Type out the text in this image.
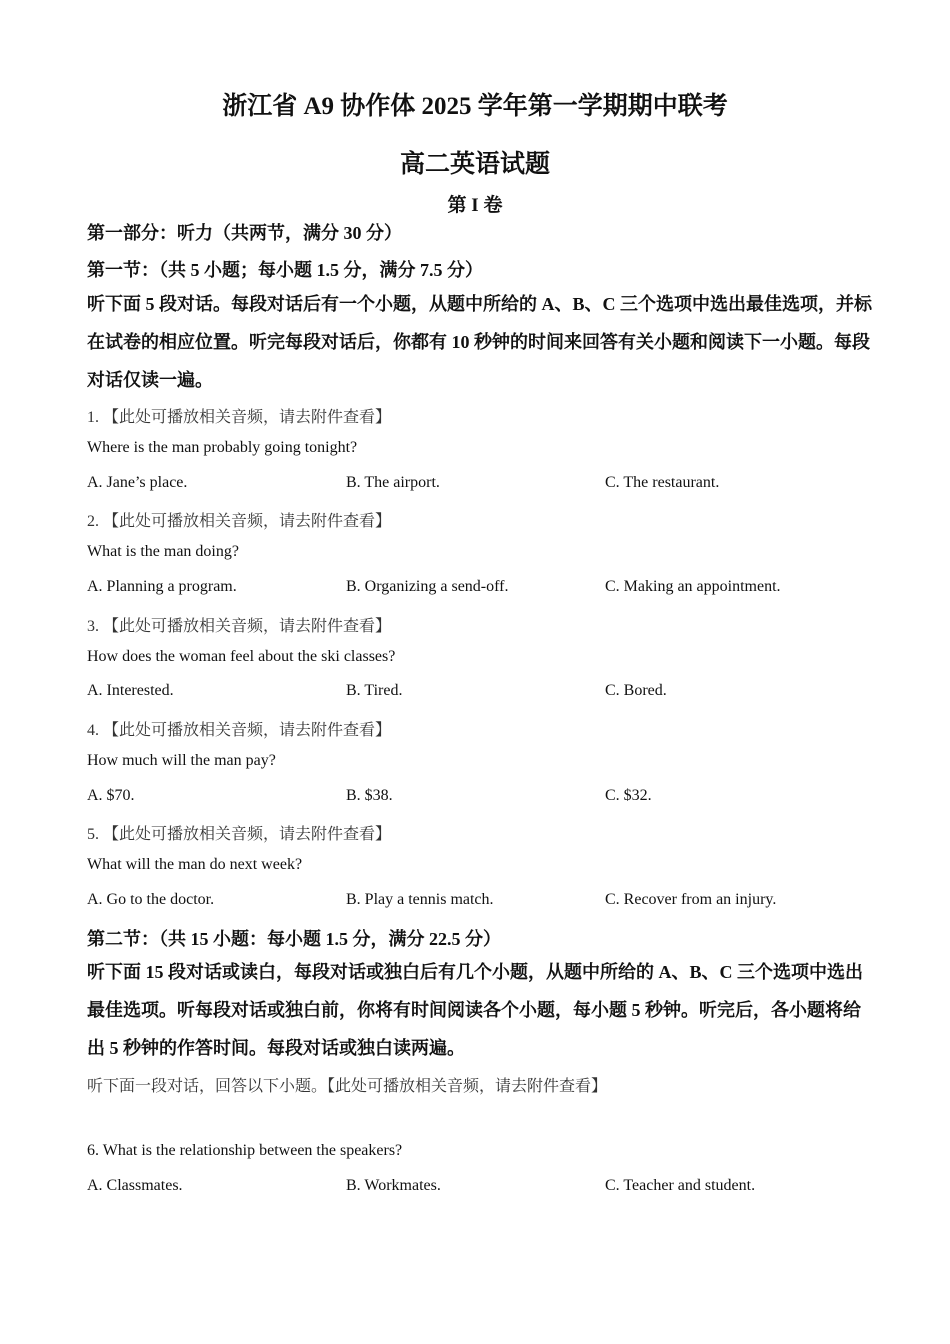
浙江省 A9 协作体 2025 学年第一学期期中联考
高二英语试题
第 I 卷
第一部分：听力（共两节，满分 30 分）
第一节：（共 5 小题；每小题 1.5 分，满分 7.5 分）
听下面 5 段对话。每段对话后有一个小题，从题中所给的 A、B、C 三个选项中选出最佳选项，并标在试卷的相应位置。听完每段对话后，你都有 10 秒钟的时间来回答有关小题和阅读下一小题。每段对话仅读一遍。
1. 【此处可播放相关音频，请去附件查看】
Where is the man probably going tonight?
A. Jane’s place.	B. The airport.	C. The restaurant.
2. 【此处可播放相关音频，请去附件查看】
What is the man doing?
A. Planning a program.	B. Organizing a send-off.	C. Making an appointment.
3. 【此处可播放相关音频，请去附件查看】
How does the woman feel about the ski classes?
A. Interested.	B. Tired.	C. Bored.
4. 【此处可播放相关音频，请去附件查看】
How much will the man pay?
A. $70.	B. $38.	C. $32.
5. 【此处可播放相关音频，请去附件查看】
What will the man do next week?
A. Go to the doctor.	B. Play a tennis match.	C. Recover from an injury.
第二节：（共 15 小题：每小题 1.5 分，满分 22.5 分）
听下面 15 段对话或读白，每段对话或独白后有几个小题，从题中所给的 A、B、C 三个选项中选出最佳选项。听每段对话或独白前，你将有时间阅读各个小题，每小题 5 秒钟。听完后，各小题将给出 5 秒钟的作答时间。每段对话或独白读两遍。
听下面一段对话，回答以下小题。【此处可播放相关音频，请去附件查看】
6. What is the relationship between the speakers?
A. Classmates.	B. Workmates.	C. Teacher and student.
